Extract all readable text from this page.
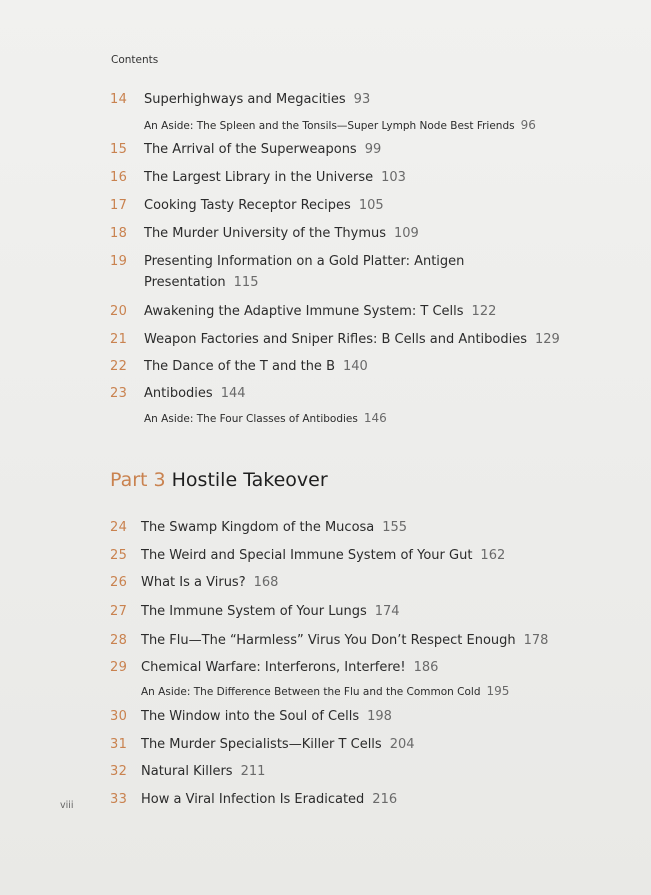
Contents
14 Superhighways and Megacities 93
An Aside: The Spleen and the Tonsils—Super Lymph Node Best Friends 96
15 The Arrival of the Superweapons 99
16 The Largest Library in the Universe 103
17 Cooking Tasty Receptor Recipes 105
18 The Murder University of the Thymus 109
19 Presenting Information on a Gold Platter: Antigen
Presentation 115
20 Awakening the Adaptive Immune System: T Cells 122
21 Weapon Factories and Sniper Rifles: B Cells and Antibodies 129
22 The Dance of the T and the B 140
23 Antibodies 144
An Aside: The Four Classes of Antibodies 146
Part 3 Hostile Takeover
24 The Swamp Kingdom of the Mucosa 155
25 The Weird and Special Immune System of Your Gut 162
26 What Is a Virus? 168
27 The Immune System of Your Lungs 174
28 The Flu—The “Harmless” Virus You Don’t Respect Enough 178
29 Chemical Warfare: Interferons, Interfere! 186
An Aside: The Difference Between the Flu and the Common Cold 195
30 The Window into the Soul of Cells 198
31 The Murder Specialists—Killer T Cells 204
32 Natural Killers 211
33 How a Viral Infection Is Eradicated 216
viii
